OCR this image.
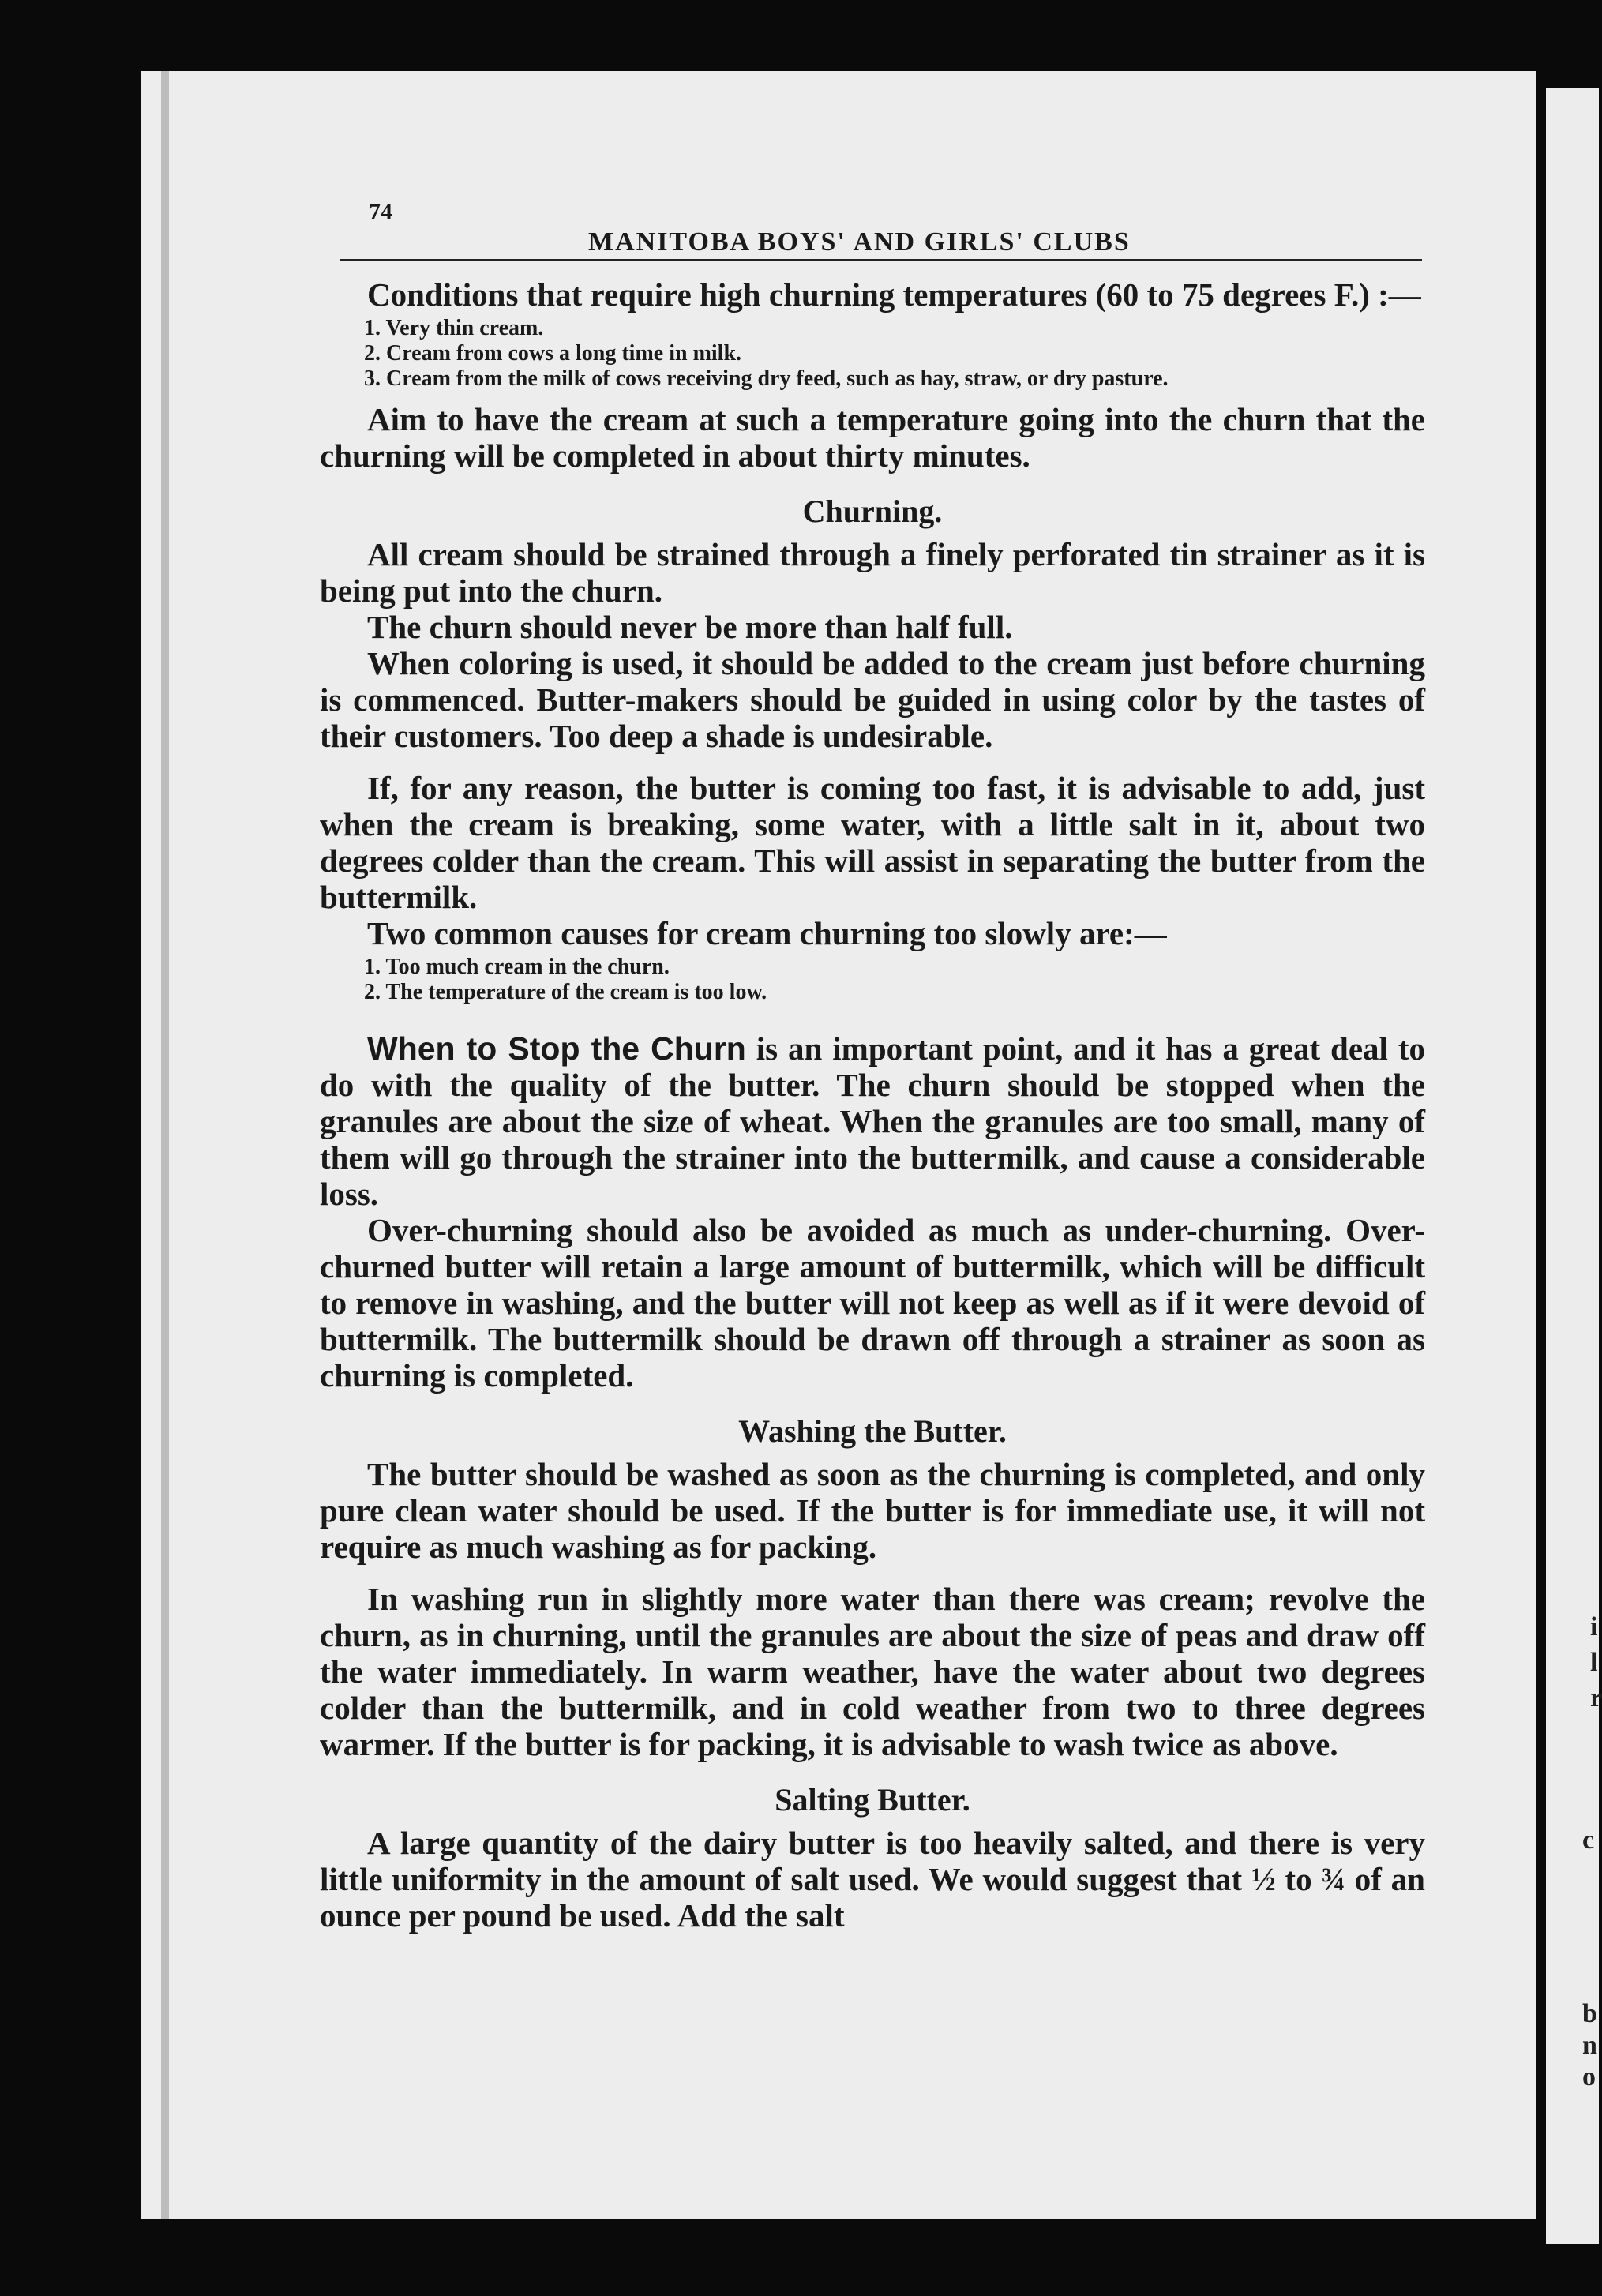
i
l
r
c
b
n
o
74
MANITOBA BOYS' AND GIRLS' CLUBS

Conditions that require high churning temperatures (60 to 75 degrees F.) :—

1. Very thin cream.
2. Cream from cows a long time in milk.
3. Cream from the milk of cows receiving dry feed, such as hay, straw, or dry pasture.

Aim to have the cream at such a temperature going into the churn that the churning will be completed in about thirty minutes.

Churning.

All cream should be strained through a finely perforated tin strainer as it is being put into the churn.

The churn should never be more than half full.

When coloring is used, it should be added to the cream just before churning is commenced. Butter-makers should be guided in using color by the tastes of their customers. Too deep a shade is undesirable.

If, for any reason, the butter is coming too fast, it is advisable to add, just when the cream is breaking, some water, with a little salt in it, about two degrees colder than the cream. This will assist in separating the butter from the buttermilk.

Two common causes for cream churning too slowly are:—

1. Too much cream in the churn.
2. The temperature of the cream is too low.

When to Stop the Churn is an important point, and it has a great deal to do with the quality of the butter. The churn should be stopped when the granules are about the size of wheat. When the granules are too small, many of them will go through the strainer into the buttermilk, and cause a considerable loss.

Over-churning should also be avoided as much as under-churning. Over-churned butter will retain a large amount of buttermilk, which will be difficult to remove in washing, and the butter will not keep as well as if it were devoid of buttermilk. The buttermilk should be drawn off through a strainer as soon as churning is completed.

Washing the Butter.

The butter should be washed as soon as the churning is completed, and only pure clean water should be used. If the butter is for immediate use, it will not require as much washing as for packing.

In washing run in slightly more water than there was cream; revolve the churn, as in churning, until the granules are about the size of peas and draw off the water immediately. In warm weather, have the water about two degrees colder than the buttermilk, and in cold weather from two to three degrees warmer. If the butter is for packing, it is advisable to wash twice as above.

Salting Butter.

A large quantity of the dairy butter is too heavily salted, and there is very little uniformity in the amount of salt used. We would suggest that ½ to ¾ of an ounce per pound be used. Add the salt
